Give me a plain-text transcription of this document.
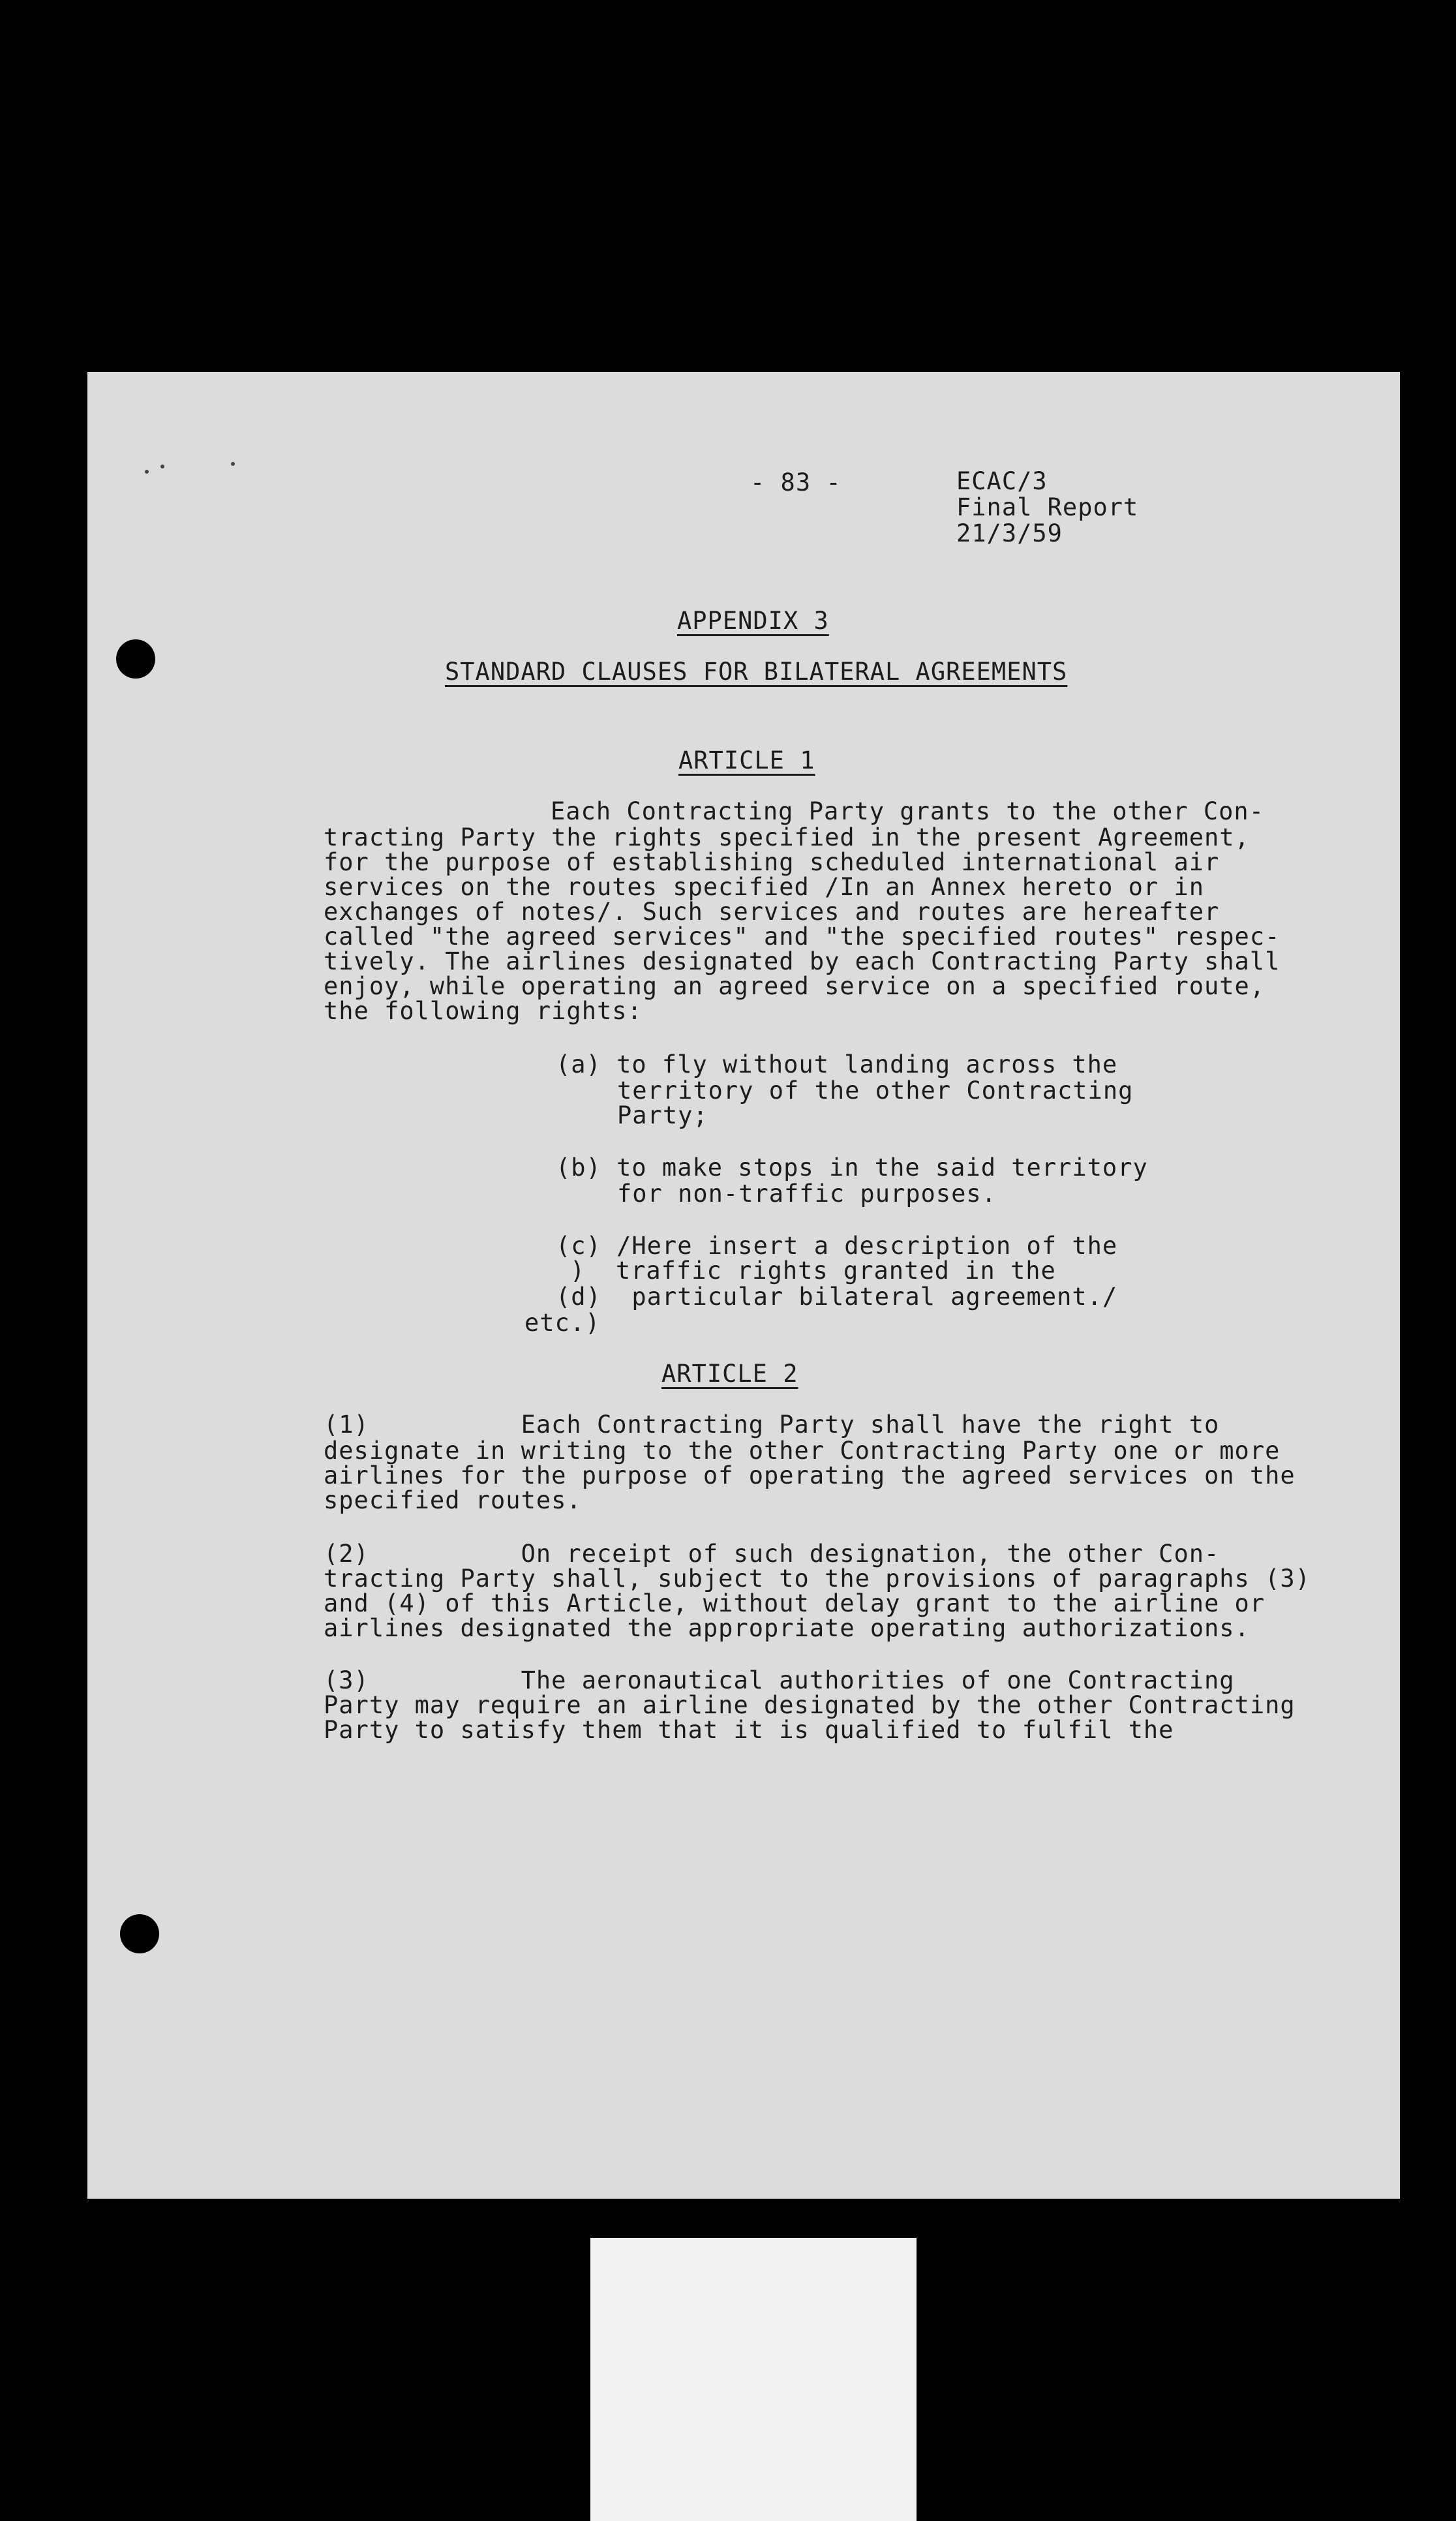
- 83 -	ECAC/3
Final Report
21/3/59
APPENDIX 3
STANDARD CLAUSES FOR BILATERAL AGREEMENTS
ARTICLE 1
Each Contracting Party grants to the other Con-
tracting Party the rights specified in the present Agreement,
for the purpose of establishing scheduled international air
services on the routes specified /In an Annex hereto or in
exchanges of notes/. Such services and routes are hereafter
called "the agreed services" and "the specified routes" respec-
tively. The airlines designated by each Contracting Party shall
enjoy, while operating an agreed service on a specified route,
the following rights:
(a) to fly without landing across the
territory of the other Contracting
Party;
(b) to make stops in the said territory
for non-traffic purposes.
(c) /Here insert a description of the
)  traffic rights granted in the
(d)  particular bilateral agreement./
etc.)
ARTICLE 2
(1)          Each Contracting Party shall have the right to
designate in writing to the other Contracting Party one or more
airlines for the purpose of operating the agreed services on the
specified routes.
(2)          On receipt of such designation, the other Con-
tracting Party shall, subject to the provisions of paragraphs (3)
and (4) of this Article, without delay grant to the airline or
airlines designated the appropriate operating authorizations.
(3)          The aeronautical authorities of one Contracting
Party may require an airline designated by the other Contracting
Party to satisfy them that it is qualified to fulfil the
